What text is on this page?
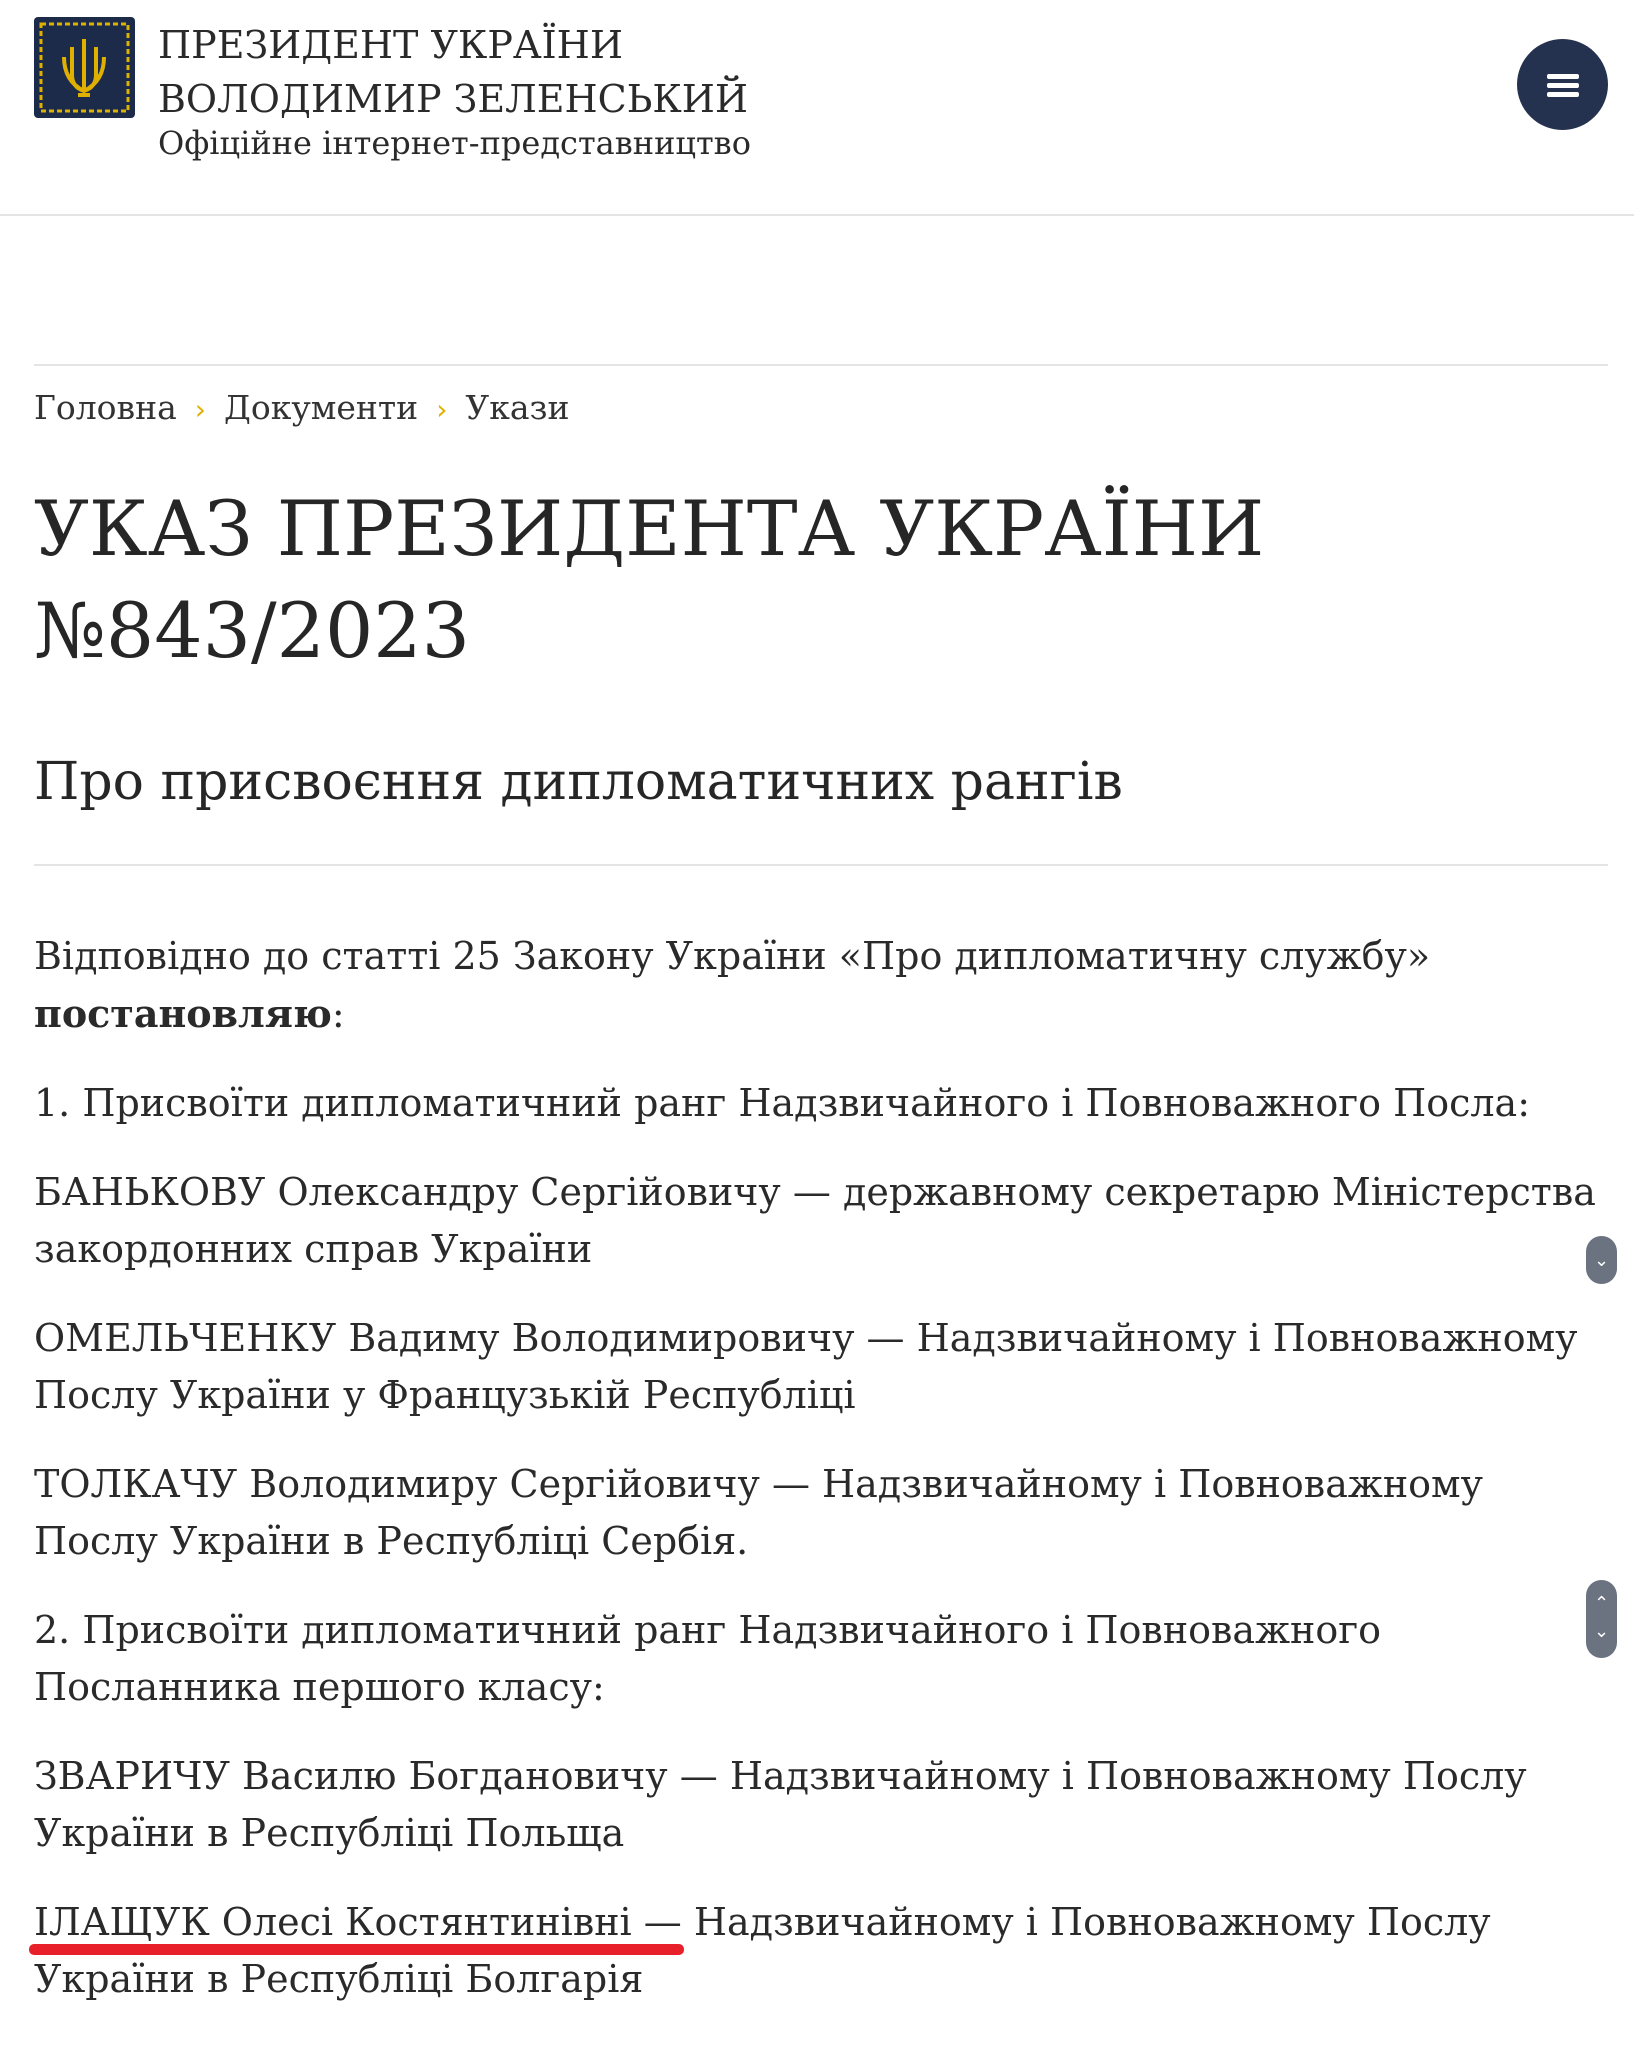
ПРЕЗИДЕНТ УКРАЇНИ
ВОЛОДИМИР ЗЕЛЕНСЬКИЙ
Офіційне інтернет-представництво
Головна › Документи › Укази
УКАЗ ПРЕЗИДЕНТА УКРАЇНИ
№843/2023
Про присвоєння дипломатичних рангів

Відповідно до статті 25 Закону України «Про дипломатичну службу» постановляю:

1. Присвоїти дипломатичний ранг Надзвичайного і Повноважного Посла:

БАНЬКОВУ Олександру Сергійовичу — державному секретарю Міністерства закордонних справ України

ОМЕЛЬЧЕНКУ Вадиму Володимировичу — Надзвичайному і Повноважному Послу України у Французькій Республіці

ТОЛКАЧУ Володимиру Сергійовичу — Надзвичайному і Повноважному Послу України в Республіці Сербія.

2. Присвоїти дипломатичний ранг Надзвичайного і Повноважного Посланника першого класу:

ЗВАРИЧУ Василю Богдановичу — Надзвичайному і Повноважному Послу України в Республіці Польща

ІЛАЩУК Олесі Костянтинівні — Надзвичайному і Повноважному Послу України в Республіці Болгарія

⌄
⌃
⌄
